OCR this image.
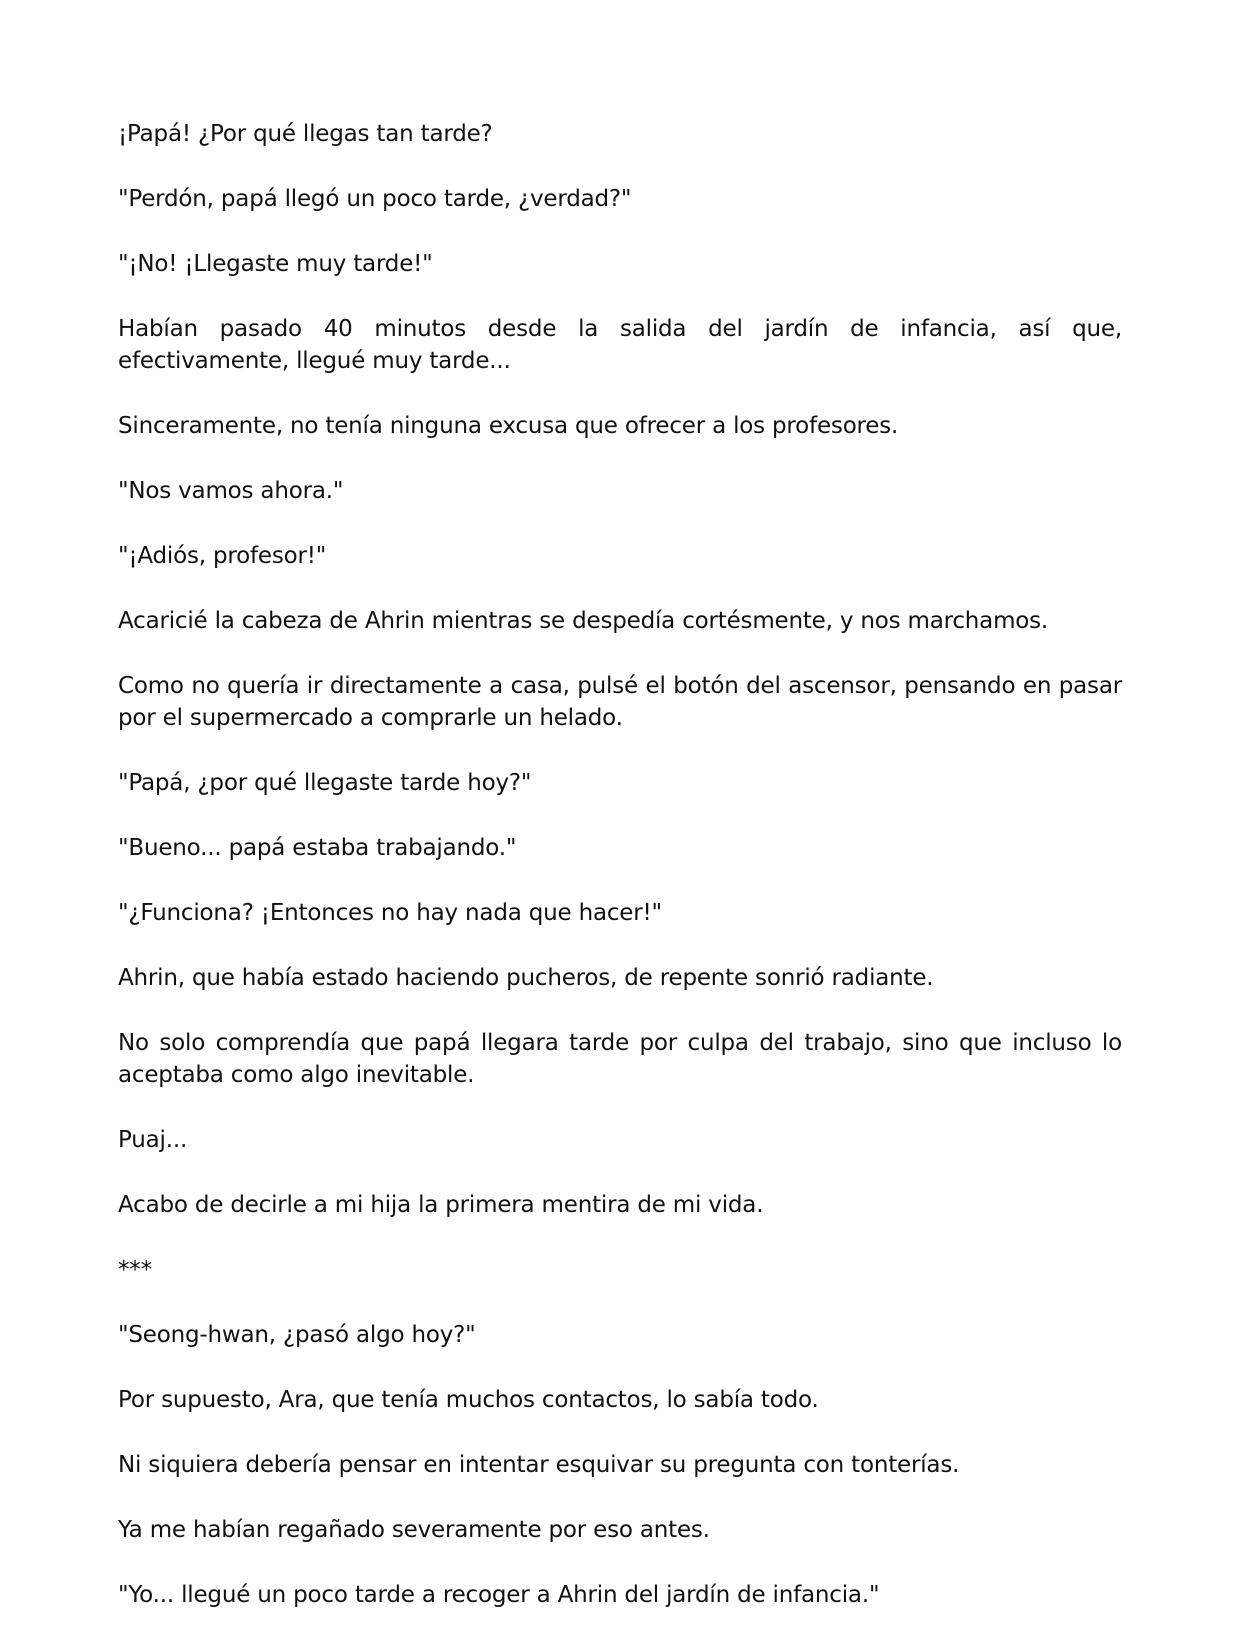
¡Papá! ¿Por qué llegas tan tarde?

"Perdón, papá llegó un poco tarde, ¿verdad?"

"¡No! ¡Llegaste muy tarde!"

Habían pasado 40 minutos desde la salida del jardín de infancia, así que, efectivamente, llegué muy tarde...

Sinceramente, no tenía ninguna excusa que ofrecer a los profesores.

"Nos vamos ahora."

"¡Adiós, profesor!"

Acaricié la cabeza de Ahrin mientras se despedía cortésmente, y nos marchamos.

Como no quería ir directamente a casa, pulsé el botón del ascensor, pensando en pasar por el supermercado a comprarle un helado.

"Papá, ¿por qué llegaste tarde hoy?"

"Bueno... papá estaba trabajando."

"¿Funciona? ¡Entonces no hay nada que hacer!"

Ahrin, que había estado haciendo pucheros, de repente sonrió radiante.

No solo comprendía que papá llegara tarde por culpa del trabajo, sino que incluso lo aceptaba como algo inevitable.

Puaj...

Acabo de decirle a mi hija la primera mentira de mi vida.

***

"Seong-hwan, ¿pasó algo hoy?"

Por supuesto, Ara, que tenía muchos contactos, lo sabía todo.

Ni siquiera debería pensar en intentar esquivar su pregunta con tonterías.

Ya me habían regañado severamente por eso antes.

"Yo... llegué un poco tarde a recoger a Ahrin del jardín de infancia."
